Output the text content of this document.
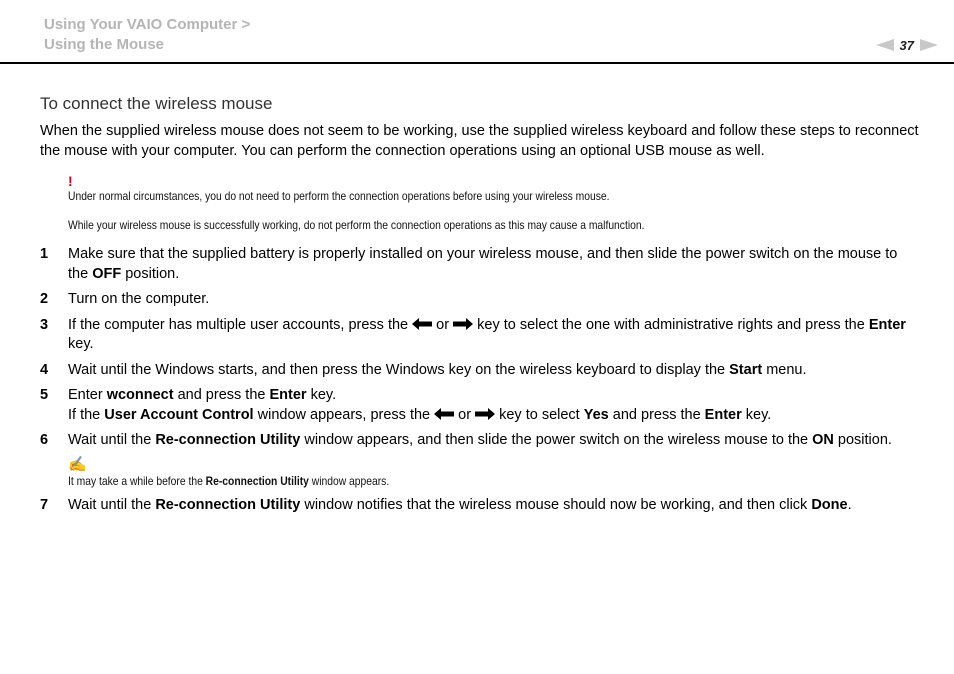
Using Your VAIO Computer >
Using the Mouse	37
To connect the wireless mouse

When the supplied wireless mouse does not seem to be working, use the supplied wireless keyboard and follow these steps to reconnect the mouse with your computer. You can perform the connection operations using an optional USB mouse as well.

!

Under normal circumstances, you do not need to perform the connection operations before using your wireless mouse.

While your wireless mouse is successfully working, do not perform the connection operations as this may cause a malfunction.

1	Make sure that the supplied battery is properly installed on your wireless mouse, and then slide the power switch on the mouse to the OFF position.
2	Turn on the computer.
3	If the computer has multiple user accounts, press the  or  key to select the one with administrative rights and press the Enter key.
4	Wait until the Windows starts, and then press the Windows key on the wireless keyboard to display the Start menu.
5	Enter wconnect and press the Enter key.
If the User Account Control window appears, press the  or  key to select Yes and press the Enter key.
6	Wait until the Re-connection Utility window appears, and then slide the power switch on the wireless mouse to the ON position.
✍

It may take a while before the Re-connection Utility window appears.

7	Wait until the Re-connection Utility window notifies that the wireless mouse should now be working, and then click Done.
